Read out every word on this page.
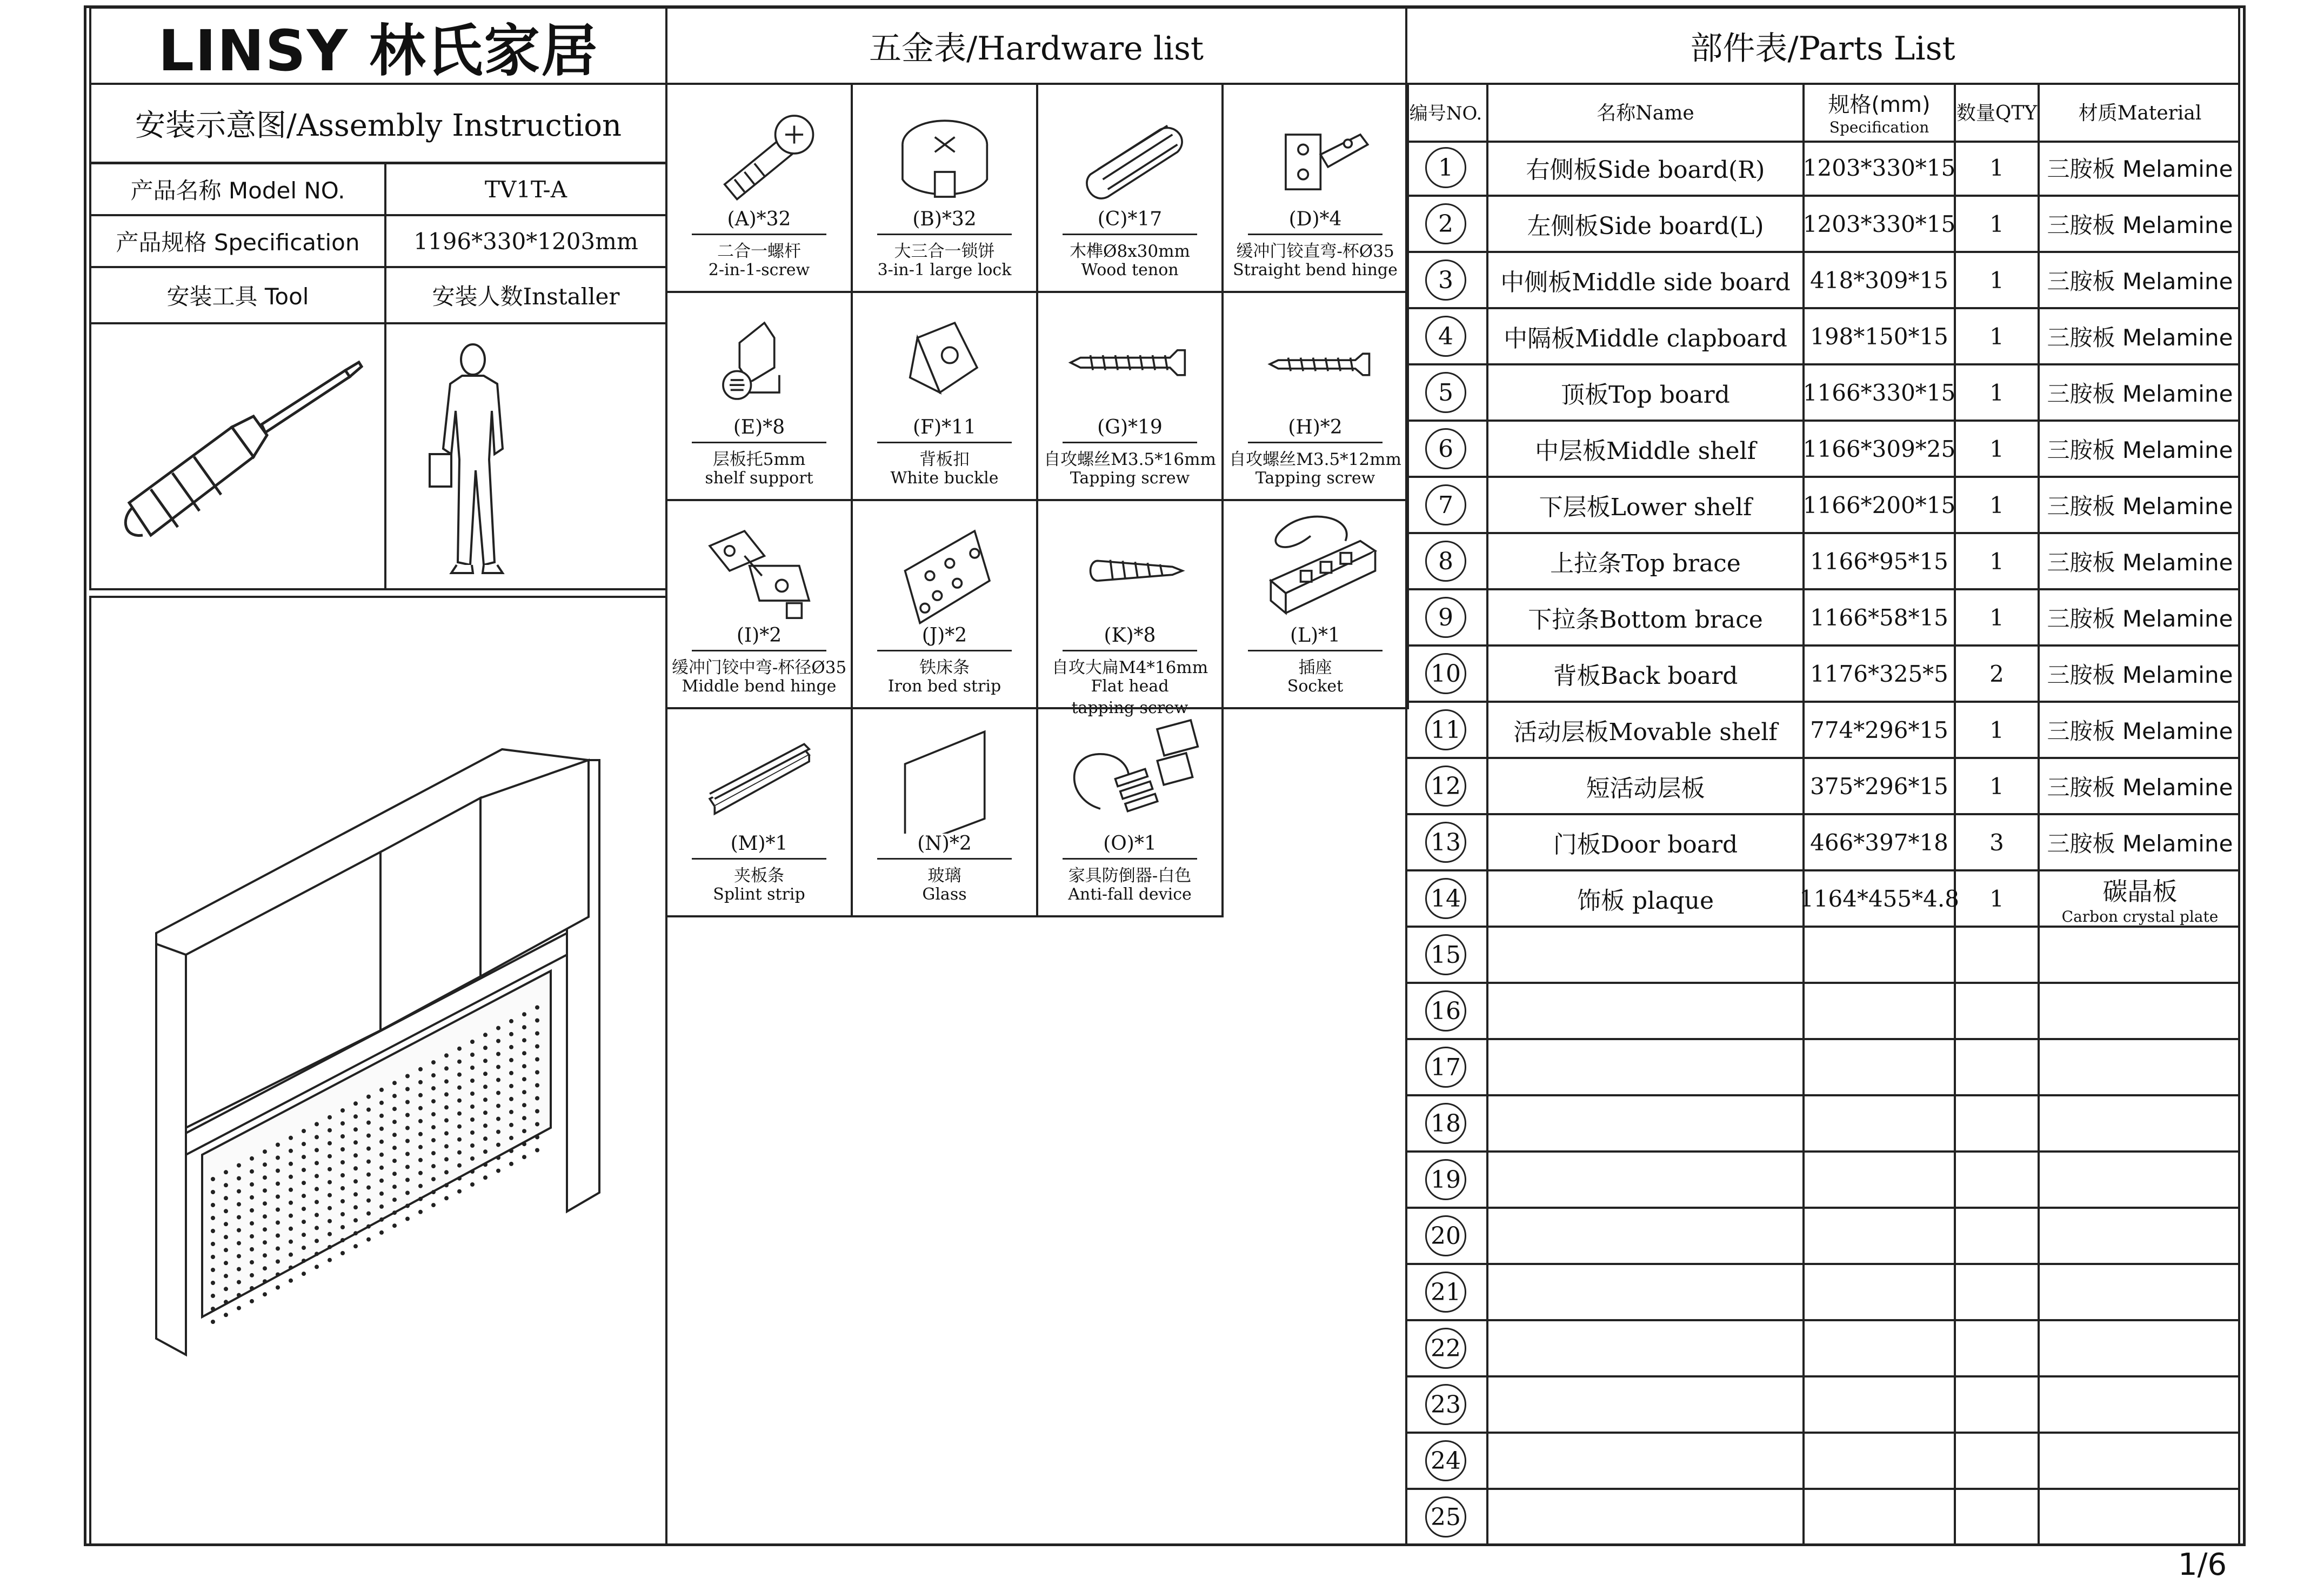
LINSY 林氏家居
安装示意图/Assembly Instruction
产品名称 Model NO.	TV1T-A
产品规格 Specification 1196*330*1203mm
安装工具 Tool	安装人数Installer
五金表/Hardware list
(A)*32
二合一螺杆
2-in-1-screw
(B)*32
大三合一锁饼
3-in-1 large lock
(C)*17
木榫Ø8x30mm
Wood tenon
(D)*4
缓冲门铰直弯-杯Ø35
Straight bend hinge
(E)*8
层板托5mm
shelf support
(F)*11
背板扣
White buckle
(G)*19
自攻螺丝M3.5*16mm
Tapping screw
(H)*2
自攻螺丝M3.5*12mm
Tapping screw
(I)*2
缓冲门铰中弯-杯径Ø35
Middle bend hinge
(J)*2
铁床条
Iron bed strip
(K)*8
自攻大扁M4*16mm
Flat head
tapping screw
(L)*1
插座
Socket
(M)*1
夹板条
Splint strip
(N)*2
玻璃
Glass
(O)*1
家具防倒器-白色
Anti-fall device
部件表/Parts List
编号NO.	名称Name	规格(mm)
Specification
数量QTY 材质Material
1	右侧板Side board(R) 1203*330*15 1 三胺板 Melamine
2	左侧板Side board(L) 1203*330*15 1 三胺板 Melamine
3	中侧板Middle side board 418*309*15 1 三胺板 Melamine
4	中隔板Middle clapboard 198*150*15 1 三胺板 Melamine
5	顶板Top board	1166*330*15 1 三胺板 Melamine
6	中层板Middle shelf 1166*309*25 1 三胺板 Melamine
7	下层板Lower shelf 1166*200*15 1 三胺板 Melamine
8	上拉条Top brace	1166*95*15 1 三胺板 Melamine
9	下拉条Bottom brace 1166*58*15 1 三胺板 Melamine
10	背板Back board	1176*325*5 2 三胺板 Melamine
11 活动层板Movable shelf 774*296*15 1 三胺板 Melamine
12	短活动层板	375*296*15 1 三胺板 Melamine
13	门板Door board	466*397*18 3 三胺板 Melamine
14	饰板 plaque	1164*455*4.8 1	碳晶板
Carbon crystal plate
15
16
17
18
19
20
21
22
23
24
25
1/6
